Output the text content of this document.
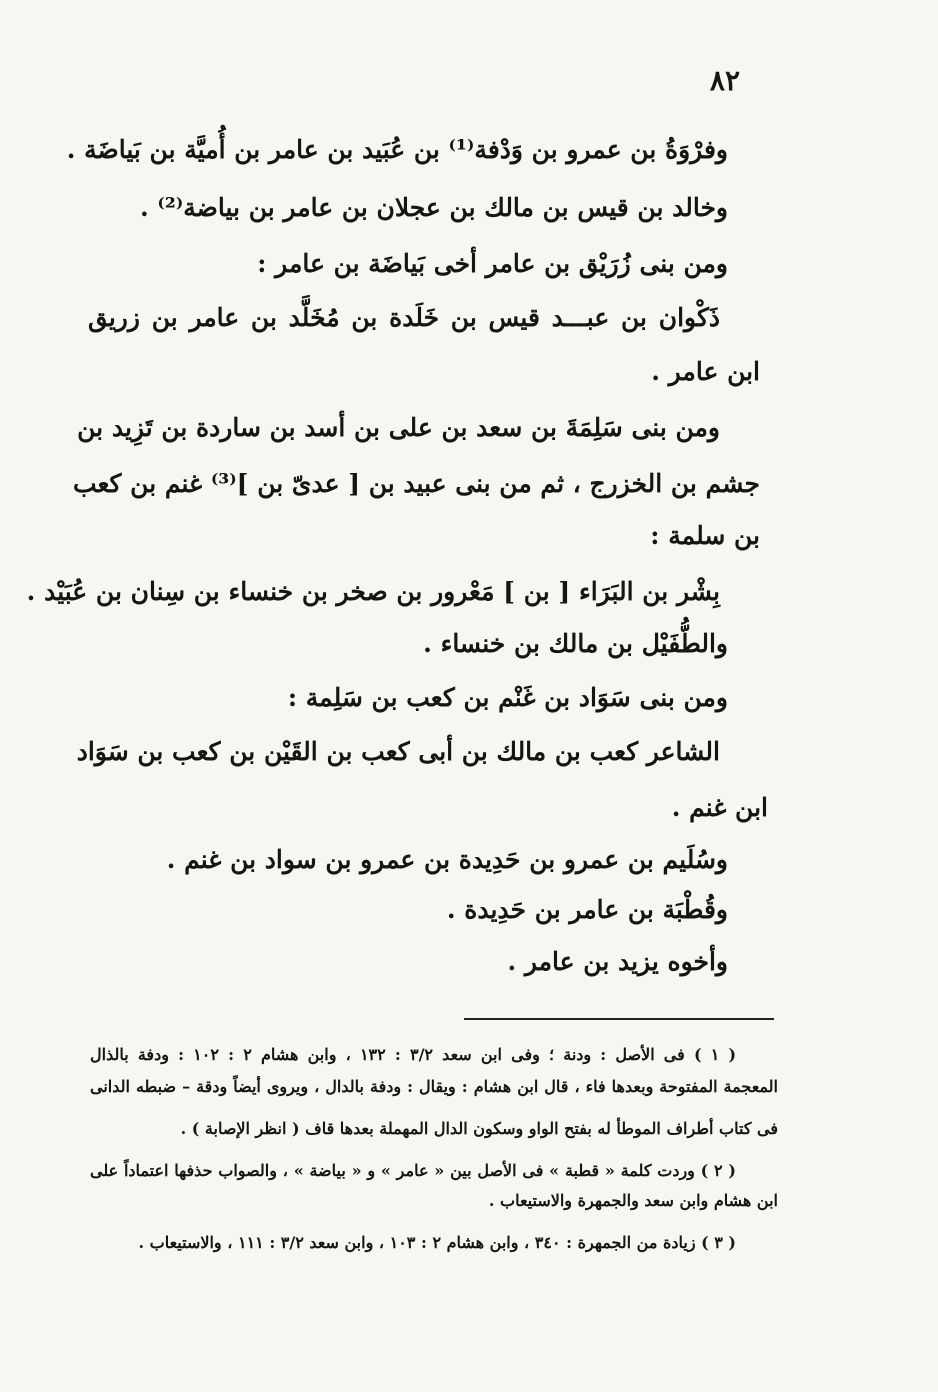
٨٢
وفرْوَةُ بن عمرو بن وَدْفة⁽¹⁾ بن عُبَيد بن عامر بن أُميَّة بن بَياضَة .
وخالد بن قيس بن مالك بن عجلان بن عامر بن بياضة⁽²⁾ .
ومن بنى زُرَيْق بن عامر أخى بَياضَة بن عامر :
ذَكْوان بن عبـــد قيس بن خَلَدة بن مُخَلَّد بن عامر بن زريق
ابن عامر .
ومن بنى سَلِمَةَ بن سعد بن على بن أسد بن ساردة بن تَزِيد بن
جشم بن الخزرج ، ثم من بنى عبيد بن [ عدىّ بن ]⁽³⁾ غنم بن كعب
بن سلمة :
بِشْر بن البَرَاء [ بن ] مَعْرور بن صخر بن خنساء بن سِنان بن عُبَيْد .
والطُّفَيْل بن مالك بن خنساء .
ومن بنى سَوَاد بن غَنْم بن كعب بن سَلِمة :
الشاعر كعب بن مالك بن أبى كعب بن القَيْن بن كعب بن سَوَاد
ابن غنم .
وسُلَيم بن عمرو بن حَدِيدة بن عمرو بن سواد بن غنم .
وقُطْبَة بن عامر بن حَدِيدة .
وأخوه يزيد بن عامر .
( ١ ) فى الأصل : ودنة ؛ وفى ابن سعد ٣/٢ : ١٣٢ ، وابن هشام ٢ : ١٠٢ : ودفة بالذال
المعجمة المفتوحة وبعدها فاء ، قال ابن هشام : ويقال : ودفة بالدال ، ويروى أيضاً ودقة – ضبطه الدانى
فى كتاب أطراف الموطأ له بفتح الواو وسكون الدال المهملة بعدها قاف ( انظر الإصابة ) .
( ٢ ) وردت كلمة « قطبة » فى الأصل بين « عامر » و « بياضة » ، والصواب حذفها اعتماداً على
ابن هشام وابن سعد والجمهرة والاستيعاب .
( ٣ ) زيادة من الجمهرة : ٣٤٠ ، وابن هشام ٢ : ١٠٣ ، وابن سعد ٣/٢ : ١١١ ، والاستيعاب .
